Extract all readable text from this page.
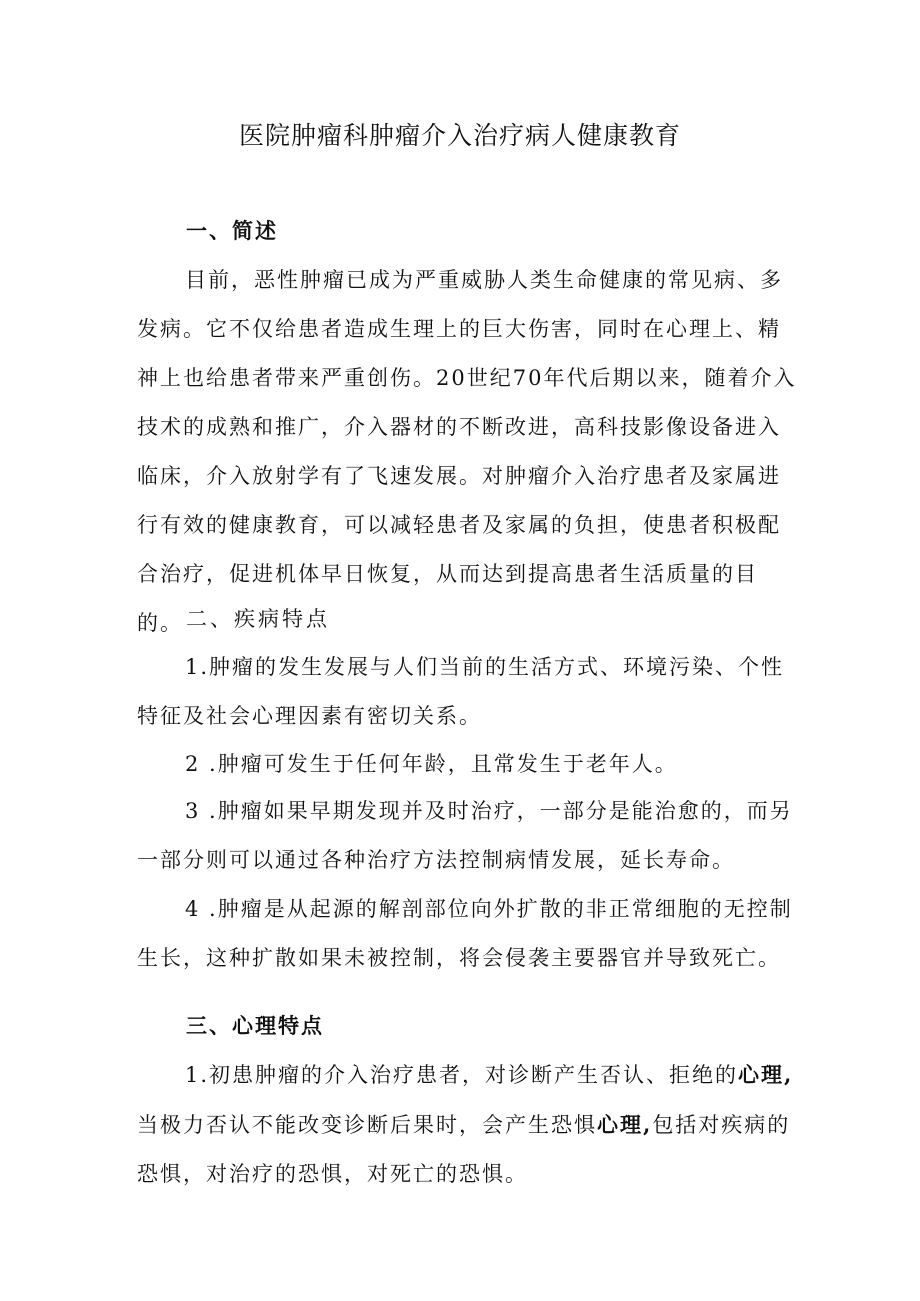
医院肿瘤科肿瘤介入治疗病人健康教育

一、简述

目前，恶性肿瘤已成为严重威胁人类生命健康的常见病、多发病。它不仅给患者造成生理上的巨大伤害，同时在心理上、精神上也给患者带来严重创伤。20世纪70年代后期以来，随着介入技术的成熟和推广，介入器材的不断改进，高科技影像设备进入临床，介入放射学有了飞速发展。对肿瘤介入治疗患者及家属进行有效的健康教育，可以减轻患者及家属的负担，使患者积极配合治疗，促进机体早日恢复，从而达到提高患者生活质量的目的。 二、疾病特点

1.肿瘤的发生发展与人们当前的生活方式、环境污染、个性特征及社会心理因素有密切关系。

2 .肿瘤可发生于任何年龄，且常发生于老年人。

3 .肿瘤如果早期发现并及时治疗，一部分是能治愈的，而另一部分则可以通过各种治疗方法控制病情发展，延长寿命。

4 .肿瘤是从起源的解剖部位向外扩散的非正常细胞的无控制生长，这种扩散如果未被控制，将会侵袭主要器官并导致死亡。

三、心理特点

1.初患肿瘤的介入治疗患者，对诊断产生否认、拒绝的心理,当极力否认不能改变诊断后果时，会产生恐惧心理,包括对疾病的恐惧，对治疗的恐惧，对死亡的恐惧。
